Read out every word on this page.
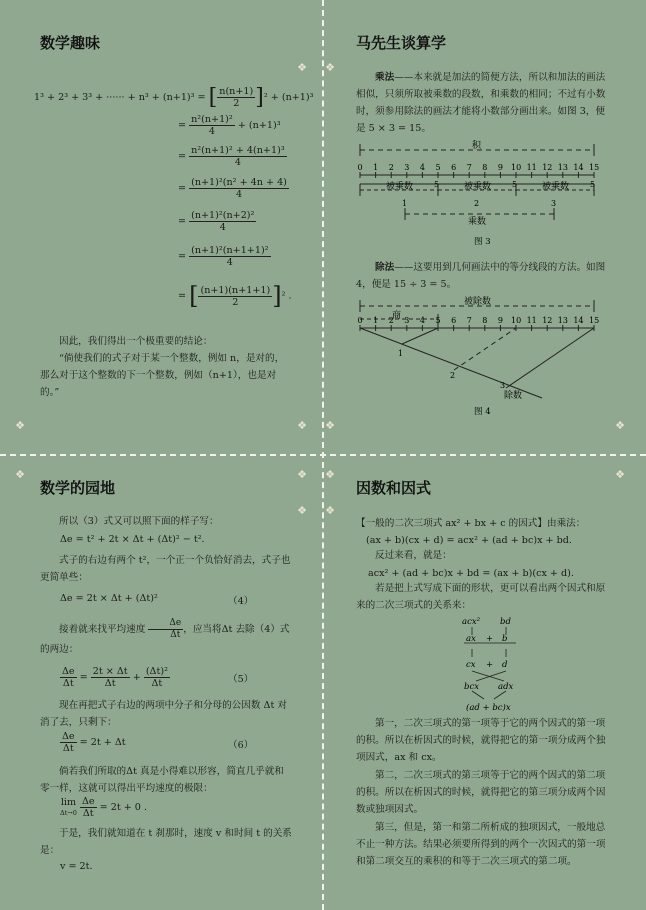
数学趣味
❖
❖	❖
1³ + 2³ + 3³ + ······ + n³ + (n+1)³ = [ $\frac{n(n+1)}{2} ]^2 + (n+1)^3$
= $\frac{\text{n²(n+1)²}}{4} + (n+1)^3$
= $\frac{\text{n²(n+1)² + 4(n+1)³}}{4}$
= $\frac{\text{(n+1)²(n² + 4n + 4)}}{4}$
= $\frac{\text{(n+1)²(n+2)²}}{4}$
= $\frac{\text{(n+1)²(n+1+1)²}}{4}$
= [ $\frac{(n+1)(n+1+1)}{2} ]^2$ .
因此，我们得出一个极重要的结论：
“倘使我们的式子对于某一个整数，例如 n，是对的，那么对于这个整数的下一个整数，例如（n+1），也是对的。”
马先生谈算学
❖
❖	❖
乘法——本来就是加法的简便方法，所以和加法的画法相似，只须所取被乘数的段数，和乘数的相同；不过有小数时，须参用除法的画法才能将小数部分画出来。如图 3，便是 5 × 3 = 15。
0 1 2 3 4 5 6 7 8 9 10 11 12 13 14 15
积
被乘数	被乘数	被乘数
5	5	5
1	2	3
乘数
图 3
除法——这要用到几何画法中的等分线段的方法。如图 4，便是 15 ÷ 3 = 5。
0 1 2 3 4 5 6 7 8 9 10 11 12 13 14 15
被除数
商
1
2
3
除数
图 4
数学的园地
❖	❖
❖
所以（3）式又可以照下面的样子写：
Δe = t² + 2t × Δt + (Δt)² − t².
式子的右边有两个 t²，一个正一个负恰好消去，式子也更简单些：
Δe = 2t × Δt + (Δt)²	（4）
接着就来找平均速度 $\frac{\Delta e}{\Delta t}$ ，应当将Δt 去除（4）式的两边：
$\frac{\Delta e}{\Delta t} = \frac{2t \times \Delta t}{\Delta t} + \frac{\text{(Δt)²}}{\Delta t}$	（5）
现在再把式子右边的两项中分子和分母的公因数 Δt 对消了去，只剩下：
$\frac{\Delta e}{\Delta t} = 2t + \Delta t$	（6）
倘若我们所取的Δt 真是小得难以形容，简直几乎就和零一样，这就可以得出平均速度的极限：
lim
$\Delta t\to 0 \frac{\Delta e}{\Delta t} = 2t + 0$ .
于是，我们就知道在 t 刹那时，速度 v 和时间 t 的关系是：
v = 2t.
因数和因式
❖	❖
❖
【一般的二次三项式 ax² + bx + c 的因式】由乘法：
(ax + b)(cx + d) = acx² + (ad + bc)x + bd.
反过来看，就是：
acx² + (ad + bc)x + bd = (ax + b)(cx + d).
若是把上式写成下面的形状，更可以看出两个因式和原来的二次三项式的关系来：
acx² bd
ax + b
cx + d
bcx adx
(ad + bc)x
第一，二次三项式的第一项等于它的两个因式的第一项的积。所以在析因式的时候，就得把它的第一项分成两个独项因式，ax 和 cx。
第二，二次三项式的第三项等于它的两个因式的第二项的积。所以在析因式的时候，就得把它的第三项分成两个因数或独项因式。
第三，但是，第一和第二所析成的独项因式，一般地总不止一种方法。结果必须要所得到的两个一次因式的第一项和第二项交互的乘积的和等于二次三项式的第二项。
